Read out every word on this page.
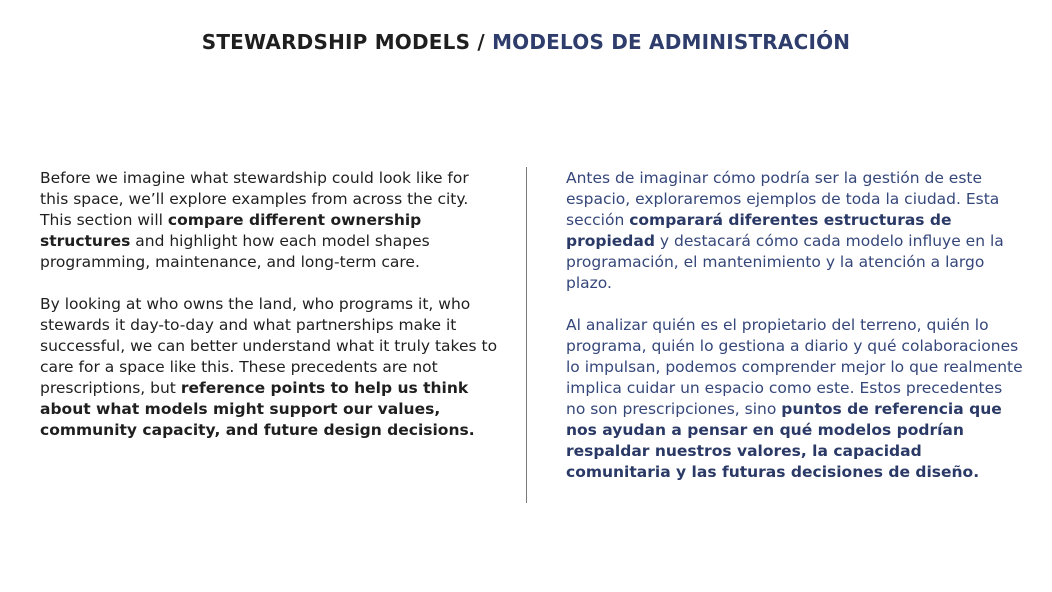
STEWARDSHIP MODELS / MODELOS DE ADMINISTRACIÓN

Before we imagine what stewardship could look like for this space, we’ll explore examples from across the city. This section will compare different ownership structures and highlight how each model shapes programming, maintenance, and long-term care.

By looking at who owns the land, who programs it, who stewards it day-to-day and what partnerships make it successful, we can better understand what it truly takes to care for a space like this. These precedents are not prescriptions, but reference points to help us think about what models might support our values, community capacity, and future design decisions.

Antes de imaginar cómo podría ser la gestión de este espacio, exploraremos ejemplos de toda la ciudad. Esta sección comparará diferentes estructuras de propiedad y destacará cómo cada modelo influye en la programación, el mantenimiento y la atención a largo plazo.

Al analizar quién es el propietario del terreno, quién lo programa, quién lo gestiona a diario y qué colaboraciones lo impulsan, podemos comprender mejor lo que realmente implica cuidar un espacio como este. Estos precedentes no son prescripciones, sino puntos de referencia que nos ayudan a pensar en qué modelos podrían respaldar nuestros valores, la capacidad comunitaria y las futuras decisiones de diseño.
